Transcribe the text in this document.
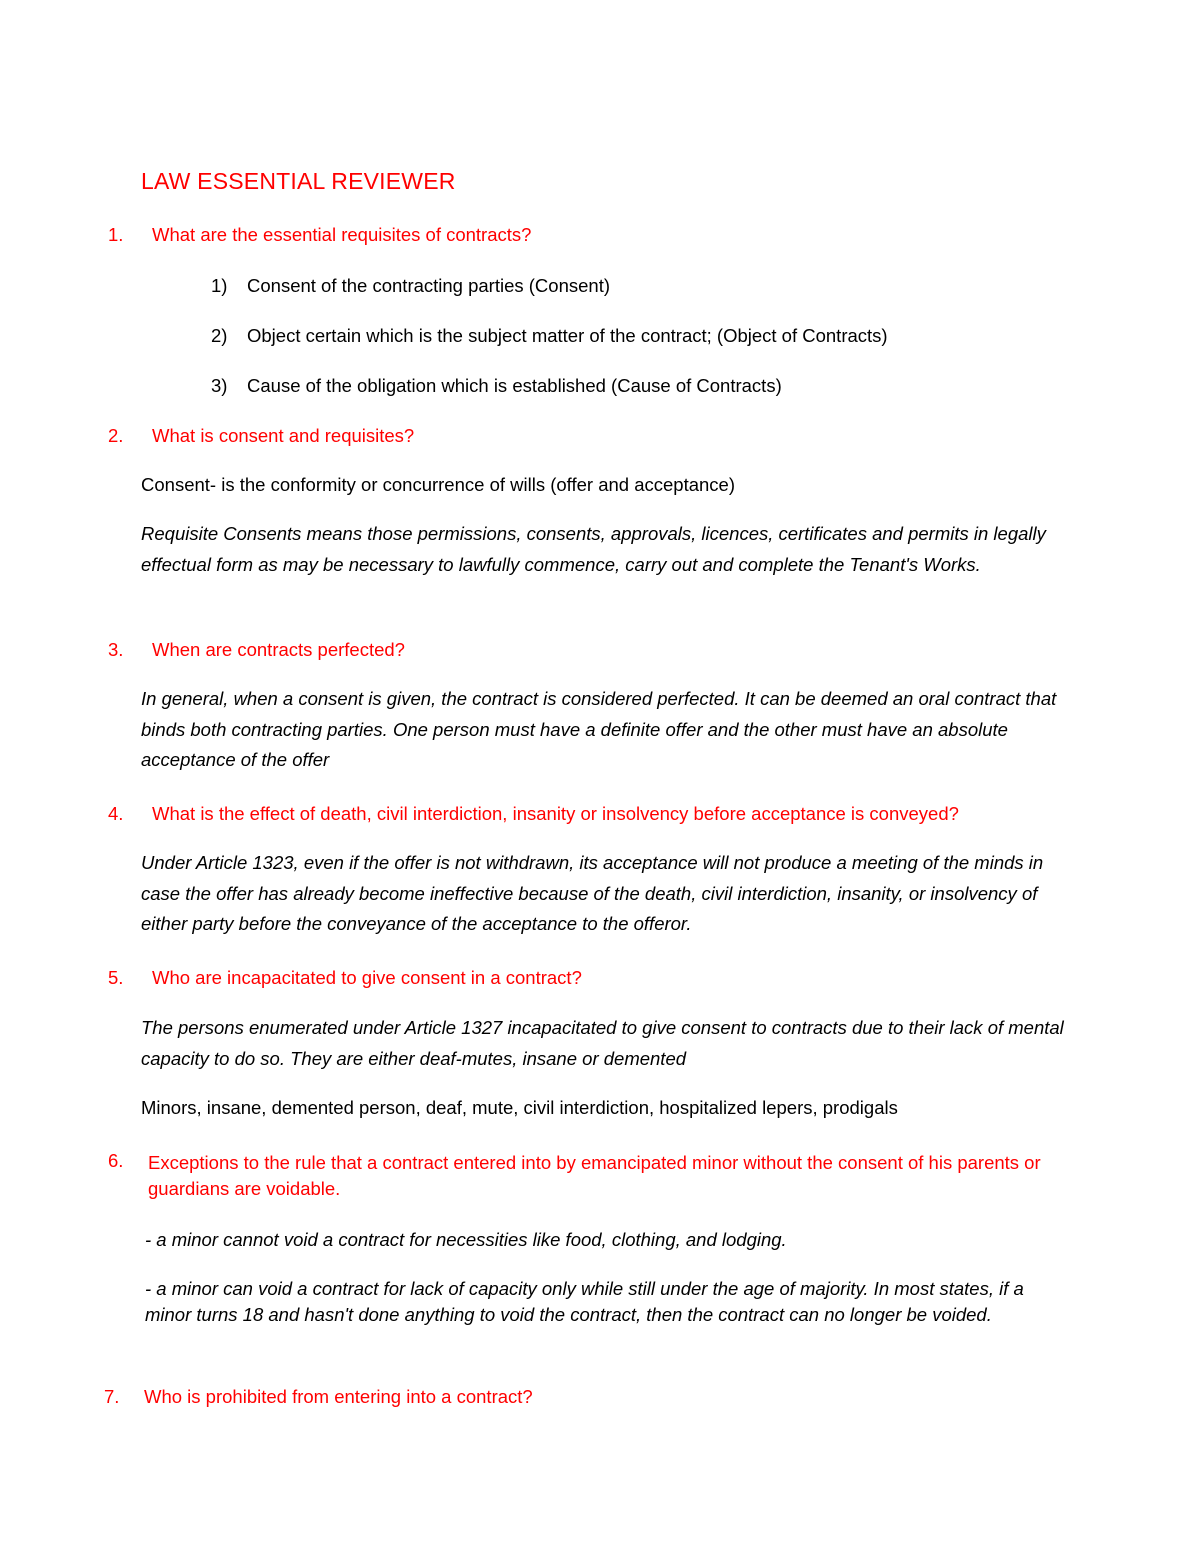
LAW ESSENTIAL REVIEWER
1. What are the essential requisites of contracts?
1) Consent of the contracting parties (Consent)
2) Object certain which is the subject matter of the contract; (Object of Contracts)
3) Cause of the obligation which is established (Cause of Contracts)
2. What is consent and requisites?
Consent- is the conformity or concurrence of wills (offer and acceptance)
Requisite Consents means those permissions, consents, approvals, licences, certificates and permits in legally effectual form as may be necessary to lawfully commence, carry out and complete the Tenant's Works.
3. When are contracts perfected?
In general, when a consent is given, the contract is considered perfected. It can be deemed an oral contract that binds both contracting parties. One person must have a definite offer and the other must have an absolute acceptance of the offer
4. What is the effect of death, civil interdiction, insanity or insolvency before acceptance is conveyed?
Under Article 1323, even if the offer is not withdrawn, its acceptance will not produce a meeting of the minds in case the offer has already become ineffective because of the death, civil interdiction, insanity, or insolvency of either party before the conveyance of the acceptance to the offeror.
5. Who are incapacitated to give consent in a contract?
The persons enumerated under Article 1327 incapacitated to give consent to contracts due to their lack of mental capacity to do so. They are either deaf-mutes, insane or demented
Minors, insane, demented person, deaf, mute, civil interdiction, hospitalized lepers, prodigals
6. Exceptions to the rule that a contract entered into by emancipated minor without the consent of his parents or guardians are voidable.
- a minor cannot void a contract for necessities like food, clothing, and lodging.
- a minor can void a contract for lack of capacity only while still under the age of majority. In most states, if a minor turns 18 and hasn't done anything to void the contract, then the contract can no longer be voided.
7. Who is prohibited from entering into a contract?
